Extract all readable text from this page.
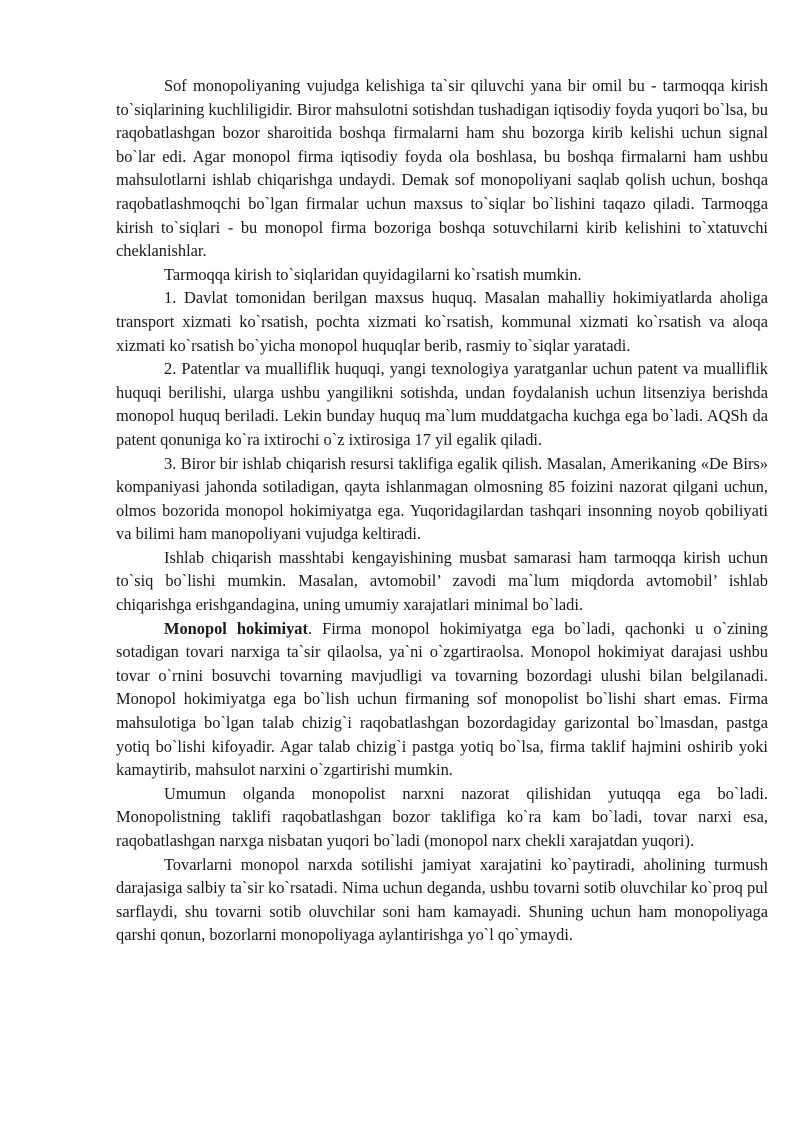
Sof monopoliyaning vujudga kelishiga ta`sir qiluvchi yana bir omil bu - tarmoqqa kirish to`siqlarining kuchliligidir. Biror mahsulotni sotishdan tushadigan iqtisodiy foyda yuqori bo`lsa, bu raqobatlashgan bozor sharoitida boshqa firmalarni ham shu bozorga kirib kelishi uchun signal bo`lar edi. Agar monopol firma iqtisodiy foyda ola boshlasa, bu boshqa firmalarni ham ushbu mahsulotlarni ishlab chiqarishga undaydi. Demak sof monopoliyani saqlab qolish uchun, boshqa raqobatlashmoqchi bo`lgan firmalar uchun maxsus to`siqlar bo`lishini taqazo qiladi. Tarmoqga kirish to`siqlari - bu monopol firma bozoriga boshqa sotuvchilarni kirib kelishini to`xtatuvchi cheklanishlar.

Tarmoqqa kirish to`siqlaridan quyidagilarni ko`rsatish mumkin.

1. Davlat tomonidan berilgan maxsus huquq. Masalan mahalliy hokimiyatlarda aholiga transport xizmati ko`rsatish, pochta xizmati ko`rsatish, kommunal xizmati ko`rsatish va aloqa xizmati ko`rsatish bo`yicha monopol huquqlar berib, rasmiy to`siqlar yaratadi.

2. Patentlar va mualliflik huquqi, yangi texnologiya yaratganlar uchun patent va mualliflik huquqi berilishi, ularga ushbu yangilikni sotishda, undan foydalanish uchun litsenziya berishda monopol huquq beriladi. Lekin bunday huquq ma`lum muddatgacha kuchga ega bo`ladi. AQSh da patent qonuniga ko`ra ixtirochi o`z ixtirosiga 17 yil egalik qiladi.

3. Biror bir ishlab chiqarish resursi taklifiga egalik qilish. Masalan, Amerikaning «De Birs» kompaniyasi jahonda sotiladigan, qayta ishlanmagan olmosning 85 foizini nazorat qilgani uchun, olmos bozorida monopol hokimiyatga ega. Yuqoridagilardan tashqari insonning noyob qobiliyati va bilimi ham manopoliyani vujudga keltiradi.

Ishlab chiqarish masshtabi kengayishining musbat samarasi ham tarmoqqa kirish uchun to`siq bo`lishi mumkin. Masalan, avtomobil’ zavodi ma`lum miqdorda avtomobil’ ishlab chiqarishga erishgandagina, uning umumiy xarajatlari minimal bo`ladi.

Monopol hokimiyat. Firma monopol hokimiyatga ega bo`ladi, qachonki u o`zining sotadigan tovari narxiga ta`sir qilaolsa, ya`ni o`zgartiraolsa. Monopol hokimiyat darajasi ushbu tovar o`rnini bosuvchi tovarning mavjudligi va tovarning bozordagi ulushi bilan belgilanadi. Monopol hokimiyatga ega bo`lish uchun firmaning sof monopolist bo`lishi shart emas. Firma mahsulotiga bo`lgan talab chizig`i raqobatlashgan bozordagiday garizontal bo`lmasdan, pastga yotiq bo`lishi kifoyadir. Agar talab chizig`i pastga yotiq bo`lsa, firma taklif hajmini oshirib yoki kamaytirib, mahsulot narxini o`zgartirishi mumkin.

Umumun olganda monopolist narxni nazorat qilishidan yutuqqa ega bo`ladi. Monopolistning taklifi raqobatlashgan bozor taklifiga ko`ra kam bo`ladi, tovar narxi esa, raqobatlashgan narxga nisbatan yuqori bo`ladi (monopol narx chekli xarajatdan yuqori).

Tovarlarni monopol narxda sotilishi jamiyat xarajatini ko`paytiradi, aholining turmush darajasiga salbiy ta`sir ko`rsatadi. Nima uchun deganda, ushbu tovarni sotib oluvchilar ko`proq pul sarflaydi, shu tovarni sotib oluvchilar soni ham kamayadi. Shuning uchun ham monopoliyaga qarshi qonun, bozorlarni monopoliyaga aylantirishga yo`l qo`ymaydi.
